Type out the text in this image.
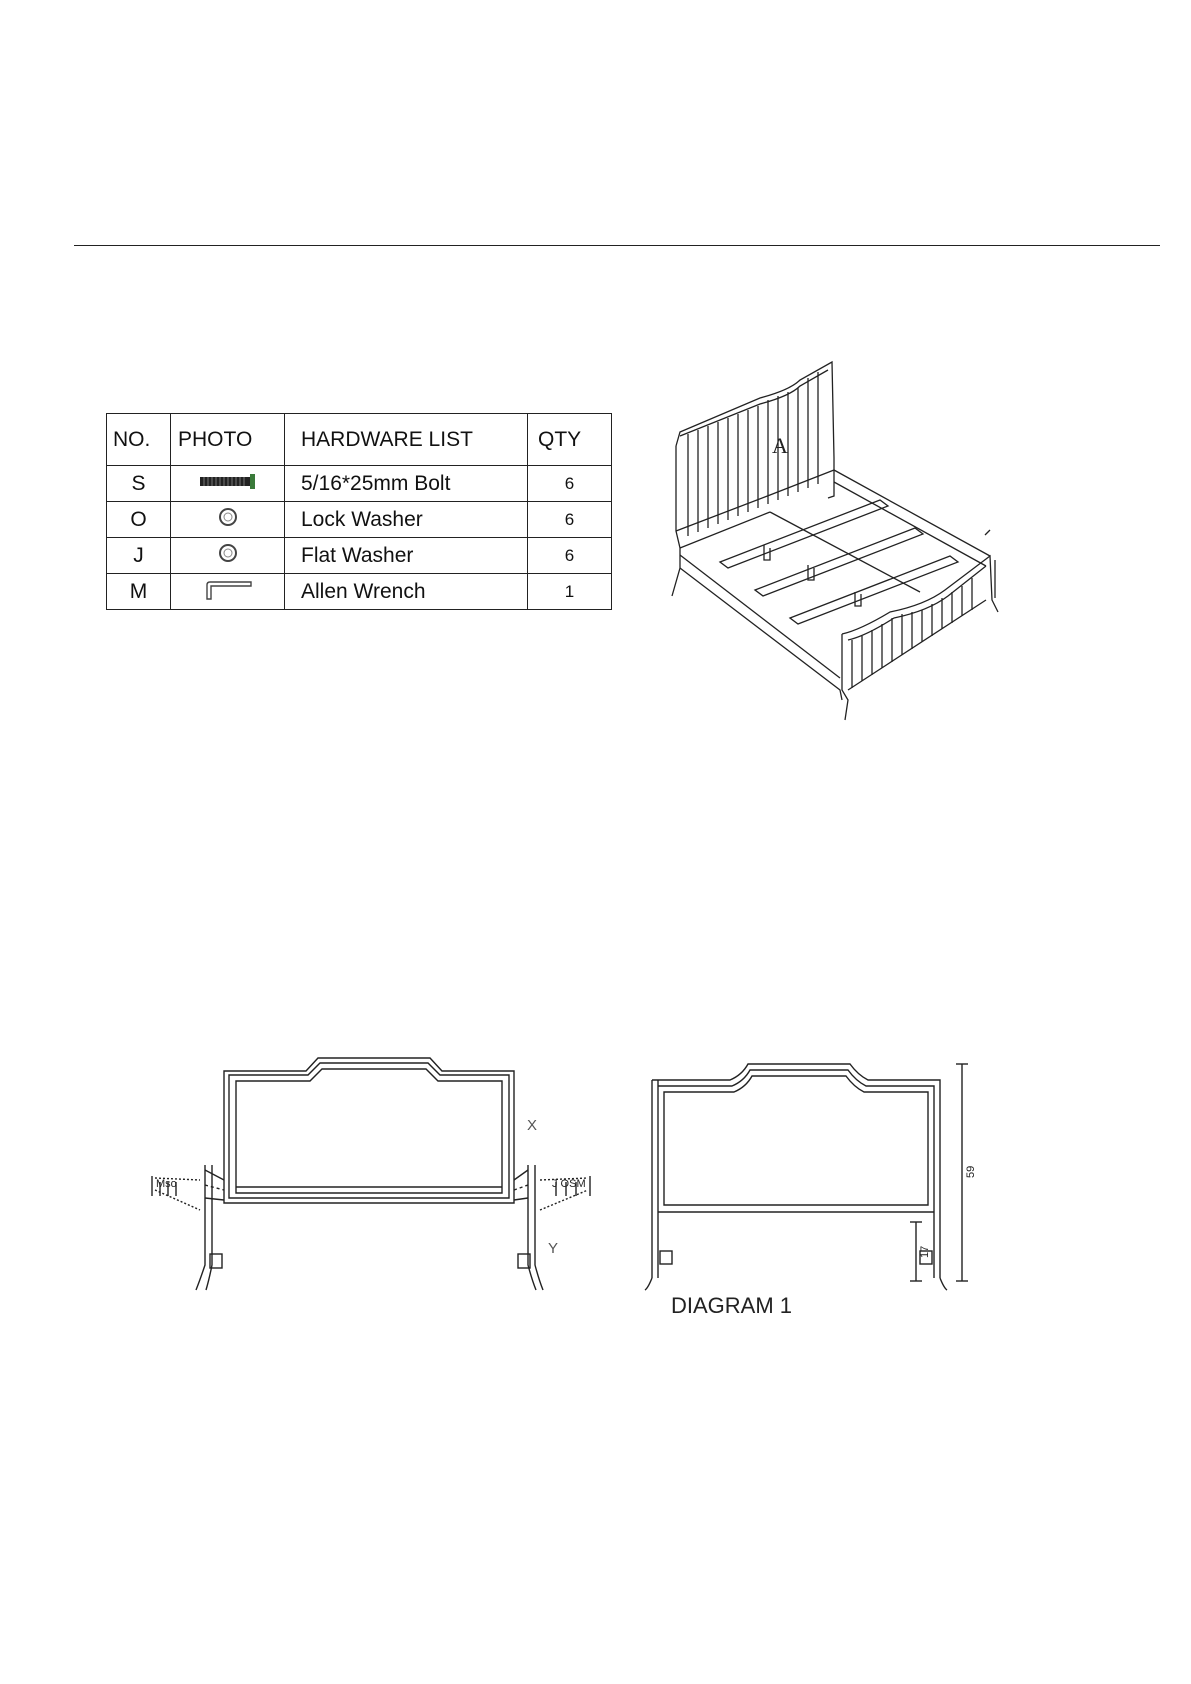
NO.	PHOTO	HARDWARE LIST	QTY
S		5/16*25mm Bolt	6
O		Lock Washer	6
J		Flat Washer	6
M		Allen Wrench	1
A
Mso	J OSM
X
Y
59
17
DIAGRAM 1
